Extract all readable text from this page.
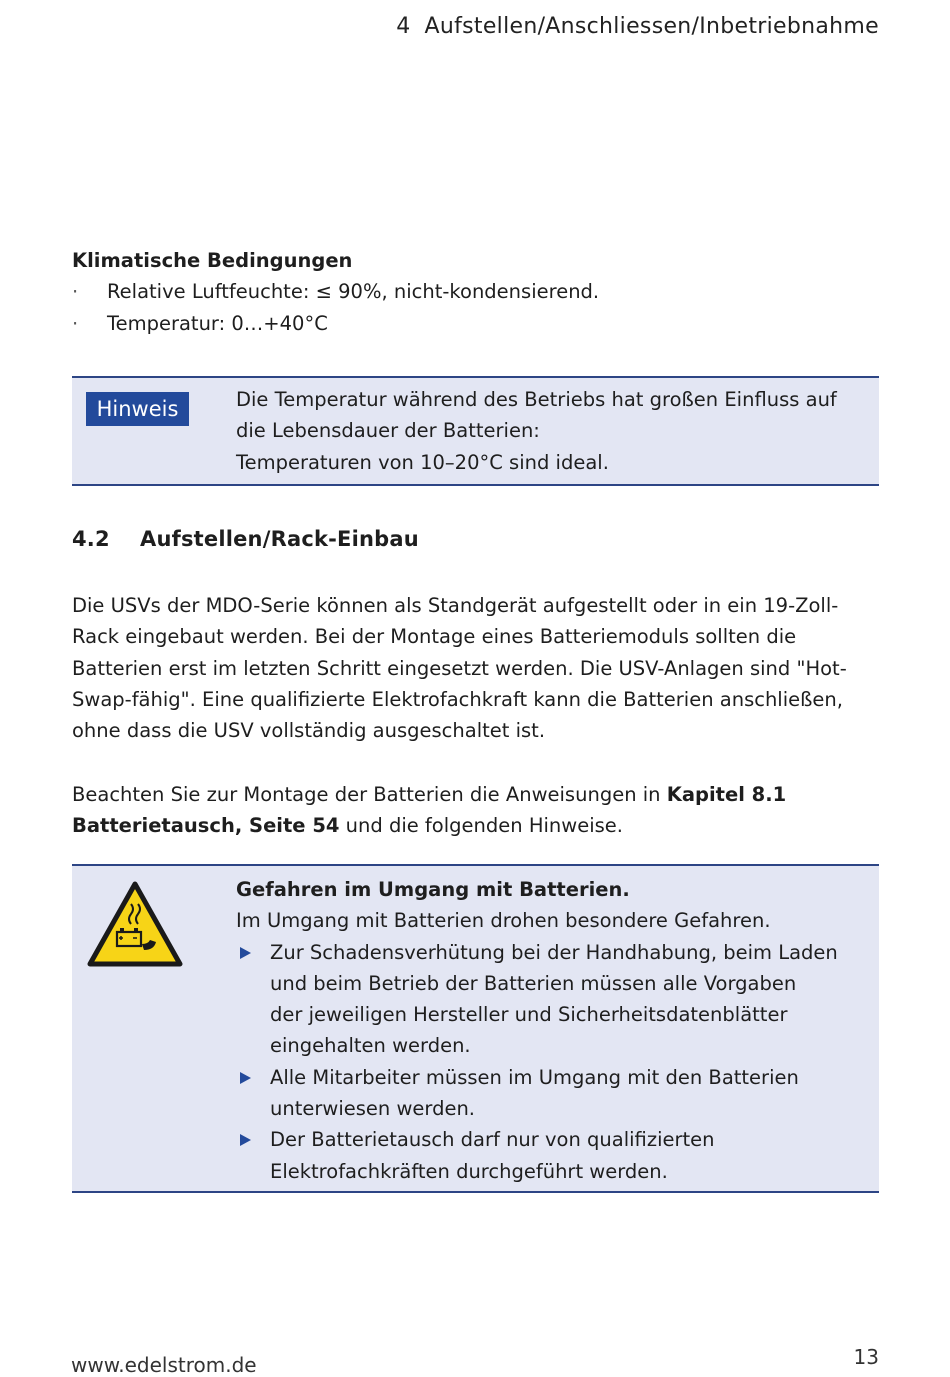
4 Aufstellen/Anschliessen/Inbetriebnahme
Klimatische Bedingungen
· Relative Luftfeuchte: ≤ 90%, nicht-kondensierend.
· Temperatur: 0…+40°C
Hinweis	Die Temperatur während des Betriebs hat großen Einfluss auf
die Lebensdauer der Batterien:
Temperaturen von 10–20°C sind ideal.
4.2 Aufstellen/Rack-Einbau
Die USVs der MDO-Serie können als Standgerät aufgestellt oder in ein 19-Zoll-
Rack eingebaut werden. Bei der Montage eines Batteriemoduls sollten die
Batterien erst im letzten Schritt eingesetzt werden. Die USV-Anlagen sind "Hot-
Swap-fähig". Eine qualifizierte Elektrofachkraft kann die Batterien anschließen,
ohne dass die USV vollständig ausgeschaltet ist.
Beachten Sie zur Montage der Batterien die Anweisungen in Kapitel 8.1
Batterietausch, Seite 54 und die folgenden Hinweise.
Gefahren im Umgang mit Batterien.
Im Umgang mit Batterien drohen besondere Gefahren.
Zur Schadensverhütung bei der Handhabung, beim Laden
und beim Betrieb der Batterien müssen alle Vorgaben
der jeweiligen Hersteller und Sicherheitsdatenblätter
eingehalten werden.
Alle Mitarbeiter müssen im Umgang mit den Batterien
unterwiesen werden.
Der Batterietausch darf nur von qualifizierten
Elektrofachkräften durchgeführt werden.
www.edelstrom.de	13
